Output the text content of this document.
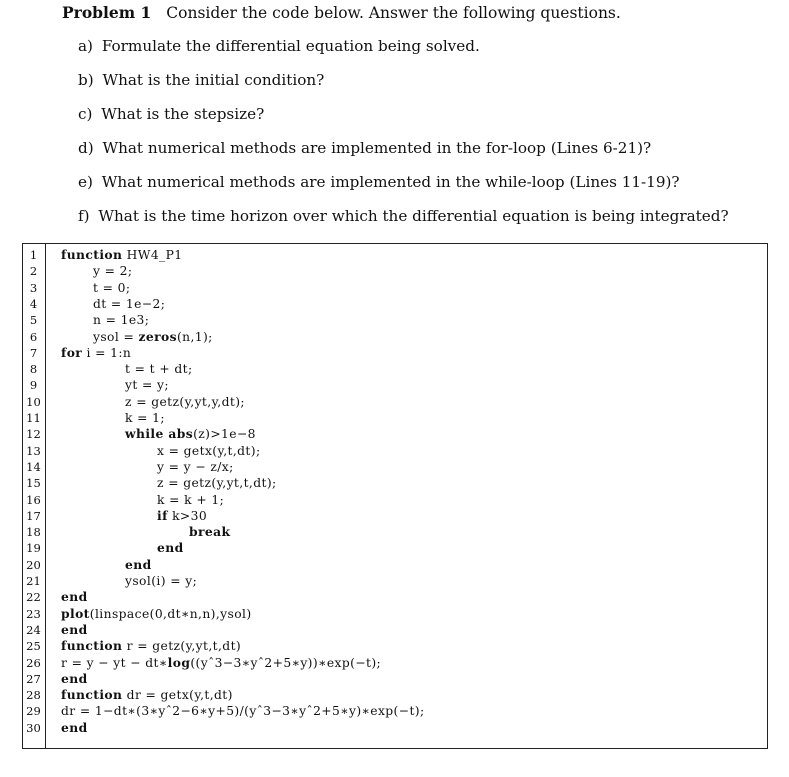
Problem 1 Consider the code below. Answer the following questions.
a) Formulate the differential equation being solved.
b) What is the initial condition?
c) What is the stepsize?
d) What numerical methods are implemented in the for-loop (Lines 6-21)?
e) What numerical methods are implemented in the while-loop (Lines 11-19)?
f) What is the time horizon over which the differential equation is being integrated?
1
2
3
4
5
6
7
8
9
10
11
12
13
14
15
16
17
18
19
20
21
22
23
24
25
26
27
28
29
30
function HW4_P1
y = 2;
t = 0;
dt = 1e−2;
n = 1e3;
ysol = zeros(n,1);
for i = 1:n
t = t + dt;
yt = y;
z = getz(y,yt,y,dt);
k = 1;
while abs(z)>1e−8
x = getx(y,t,dt);
y = y − z/x;
z = getz(y,yt,t,dt);
k = k + 1;
if k>30
break
end
end
ysol(i) = y;
end
plot(linspace(0,dt∗n,n),ysol)
end
function r = getz(y,yt,t,dt)
r = y − yt − dt∗log((yˆ3−3∗yˆ2+5∗y))∗exp(−t);
end
function dr = getx(y,t,dt)
dr = 1−dt∗(3∗yˆ2−6∗y+5)/(yˆ3−3∗yˆ2+5∗y)∗exp(−t);
end
